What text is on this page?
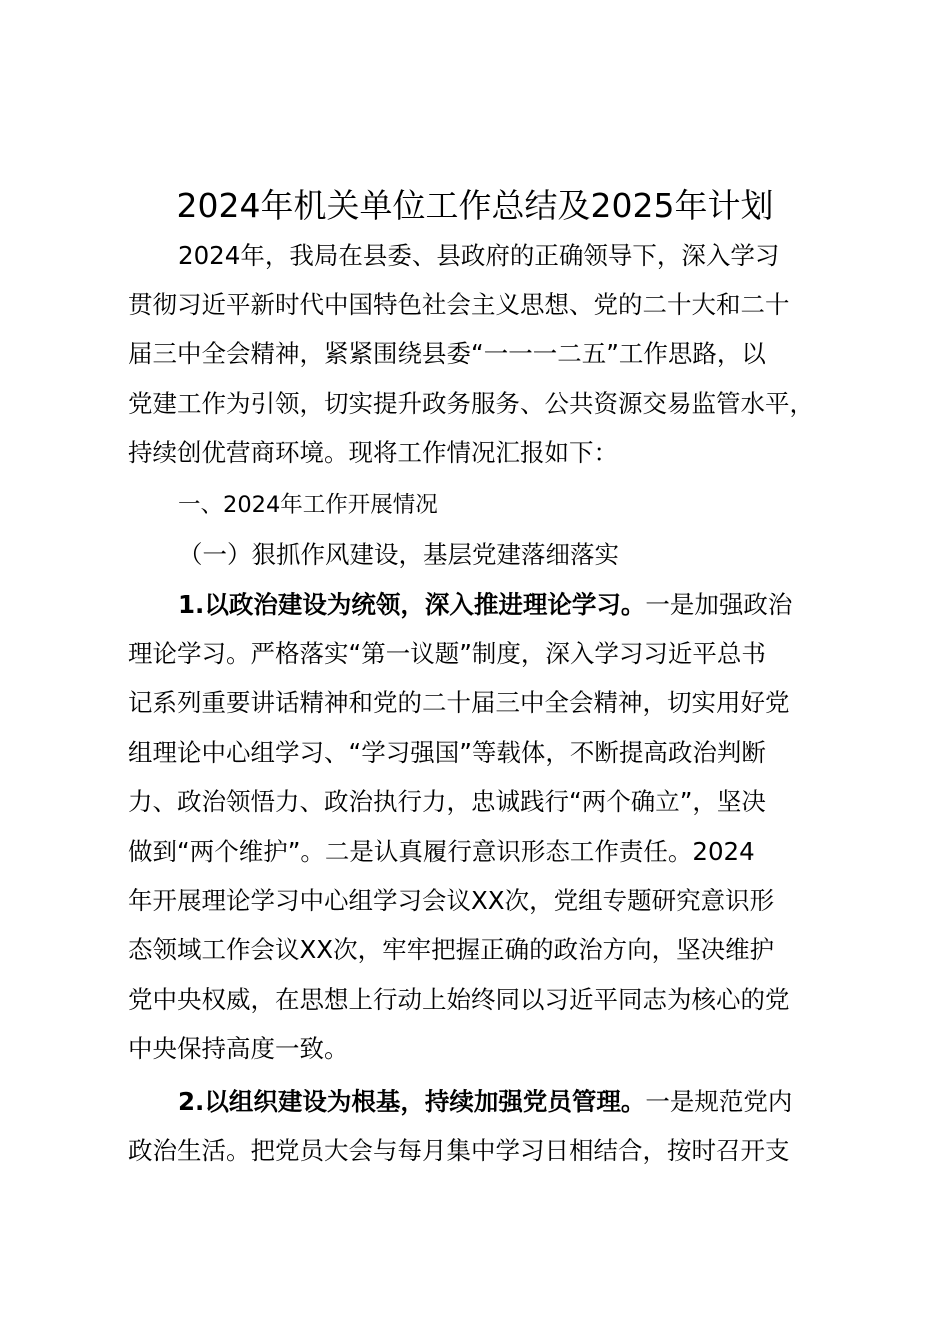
2024年机关单位工作总结及2025年计划

2024年，我局在县委、县政府的正确领导下，深入学习

贯彻习近平新时代中国特色社会主义思想、党的二十大和二十

届三中全会精神，紧紧围绕县委“一一一二五”工作思路，以

党建工作为引领，切实提升政务服务、公共资源交易监管水平，

持续创优营商环境。现将工作情况汇报如下：

一、2024年工作开展情况

（一）狠抓作风建设，基层党建落细落实

1.以政治建设为统领，深入推进理论学习。一是加强政治

理论学习。严格落实“第一议题”制度，深入学习习近平总书

记系列重要讲话精神和党的二十届三中全会精神，切实用好党

组理论中心组学习、“学习强国”等载体，不断提高政治判断

力、政治领悟力、政治执行力，忠诚践行“两个确立”，坚决

做到“两个维护”。二是认真履行意识形态工作责任。2024

年开展理论学习中心组学习会议XX次，党组专题研究意识形

态领域工作会议XX次，牢牢把握正确的政治方向，坚决维护

党中央权威，在思想上行动上始终同以习近平同志为核心的党

中央保持高度一致。

2.以组织建设为根基，持续加强党员管理。一是规范党内

政治生活。把党员大会与每月集中学习日相结合，按时召开支
